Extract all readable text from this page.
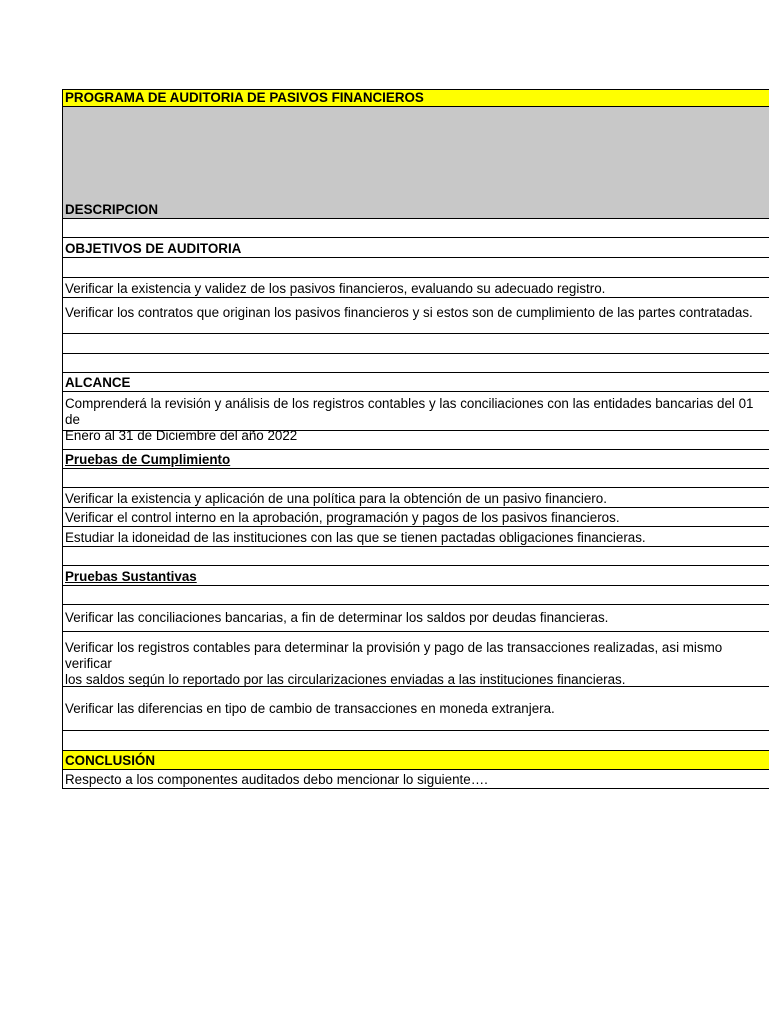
PROGRAMA DE AUDITORIA DE PASIVOS FINANCIEROS
DESCRIPCION
OBJETIVOS DE AUDITORIA
Verificar la existencia y validez de los pasivos financieros, evaluando su adecuado registro.
Verificar los contratos que originan los pasivos financieros y si estos son de cumplimiento de las partes contratadas.
ALCANCE
Comprenderá la revisión y análisis de los registros contables y las conciliaciones con las entidades bancarias del 01 de
Enero al 31 de Diciembre del año 2022
Pruebas de Cumplimiento
Verificar la existencia y aplicación de una política para la obtención de un pasivo financiero.
Verificar el control interno en la aprobación, programación y pagos de los pasivos financieros.
Estudiar la idoneidad de las instituciones con las que se tienen pactadas obligaciones financieras.
Pruebas Sustantivas
Verificar las conciliaciones bancarias, a fin de determinar los saldos por deudas financieras.
Verificar los registros contables para determinar la provisión y pago de las transacciones realizadas, asi mismo verificar
los saldos según lo reportado por las circularizaciones enviadas a las instituciones financieras.
Verificar las diferencias en tipo de cambio de transacciones en moneda extranjera.
CONCLUSIÓN
Respecto a los componentes auditados debo mencionar lo siguiente….
